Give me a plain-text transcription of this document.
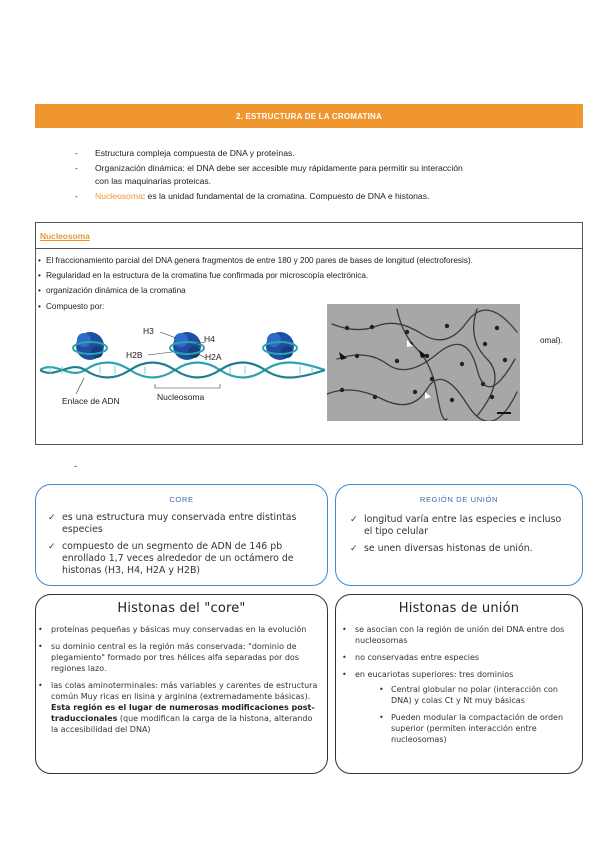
2. ESTRUCTURA DE LA CROMATINA
- Estructura compleja compuesta de DNA y proteínas.
- Organización dinámica: el DNA debe ser accesible muy rápidamente para permitir su interacción
con las maquinarias proteicas.
- Nucleosoma: es la unidad fundamental de la cromatina. Compuesto de DNA e histonas.
Nucleosoma
• El fraccionamiento parcial del DNA genera fragmentos de entre 180 y 200 pares de bases de longitud (electroforesis).
• Regularidad en la estructura de la cromatina fue confirmada por microscopía electrónica.
• organización dinámica de la cromatina
• Compuesto por:
H3
H4
H2B	H2A
Enlace de ADN	Nucleosoma
omal).
-
CORE
✓ es una estructura muy conservada entre distintas especies
✓ compuesto de un segmento de ADN de 146 pb enrollado 1,7 veces alrededor de un octámero de histonas (H3, H4, H2A y H2B)
REGIÓN DE UNIÓN
✓ longitud varía entre las especies e incluso el tipo celular
✓ se unen diversas histonas de unión.
Histonas del "core"
• proteínas pequeñas y básicas muy conservadas en la evolución
• su dominio central es la región más conservada: "dominio de plegamiento" formado por tres hélices alfa separadas por dos regiones lazo.
• las colas aminoterminales: más variables y carentes de estructura común Muy ricas en lisina y arginina (extremadamente básicas). Esta región es el lugar de numerosas modificaciones post-traduccionales (que modifican la carga de la histona, alterando la accesibilidad del DNA)
Histonas de unión
• se asocian con la región de unión del DNA entre dos nucleosomas
• no conservadas entre especies
• en eucariotas superiores: tres dominios
• Central globular no polar (interacción con DNA) y colas Ct y Nt muy básicas
• Pueden modular la compactación de orden superior (permiten interacción entre nucleosomas)
